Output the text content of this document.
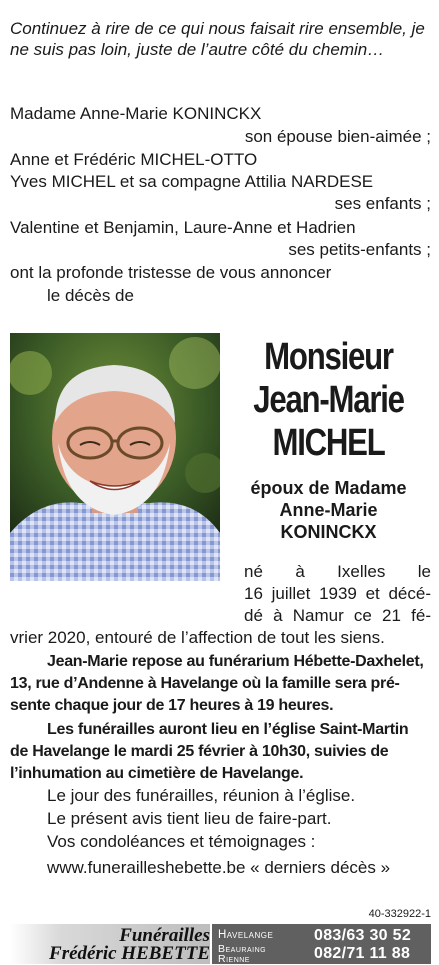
Continuez à rire de ce qui nous faisait rire ensemble, je ne suis pas loin, juste de l’autre côté du chemin…
Madame Anne-Marie KONINCKX
son épouse bien-aimée ;
Anne et Frédéric MICHEL-OTTO
Yves MICHEL et sa compagne Attilia NARDESE
ses enfants ;
Valentine et Benjamin, Laure-Anne et Hadrien
ses petits-enfants ;
ont la profonde tristesse de vous annoncer
le décès de
Monsieur
Jean-Marie
MICHEL
époux de Madame
Anne-Marie
KONINCKX
né à Ixelles le
16 juillet 1939 et décé-
dé à Namur ce 21 fé-
vrier 2020, entouré de l’affection de tout les siens.
Jean-Marie repose au funérarium Hébette-Daxhelet,
13, rue d’Andenne à Havelange où la famille sera pré-
sente chaque jour de 17 heures à 19 heures.
Les funérailles auront lieu en l’église Saint-Martin
de Havelange le mardi 25 février à 10h30, suivies de
l’inhumation au cimetière de Havelange.
Le jour des funérailles, réunion à l’église.
Le présent avis tient lieu de faire-part.
Vos condoléances et témoignages :
www.funerailleshebette.be « derniers décès »
40-332922-1
Funérailles
Frédéric HEBETTE
Havelange	083/63 30 52
Beauraing
Rienne	082/71 11 88
